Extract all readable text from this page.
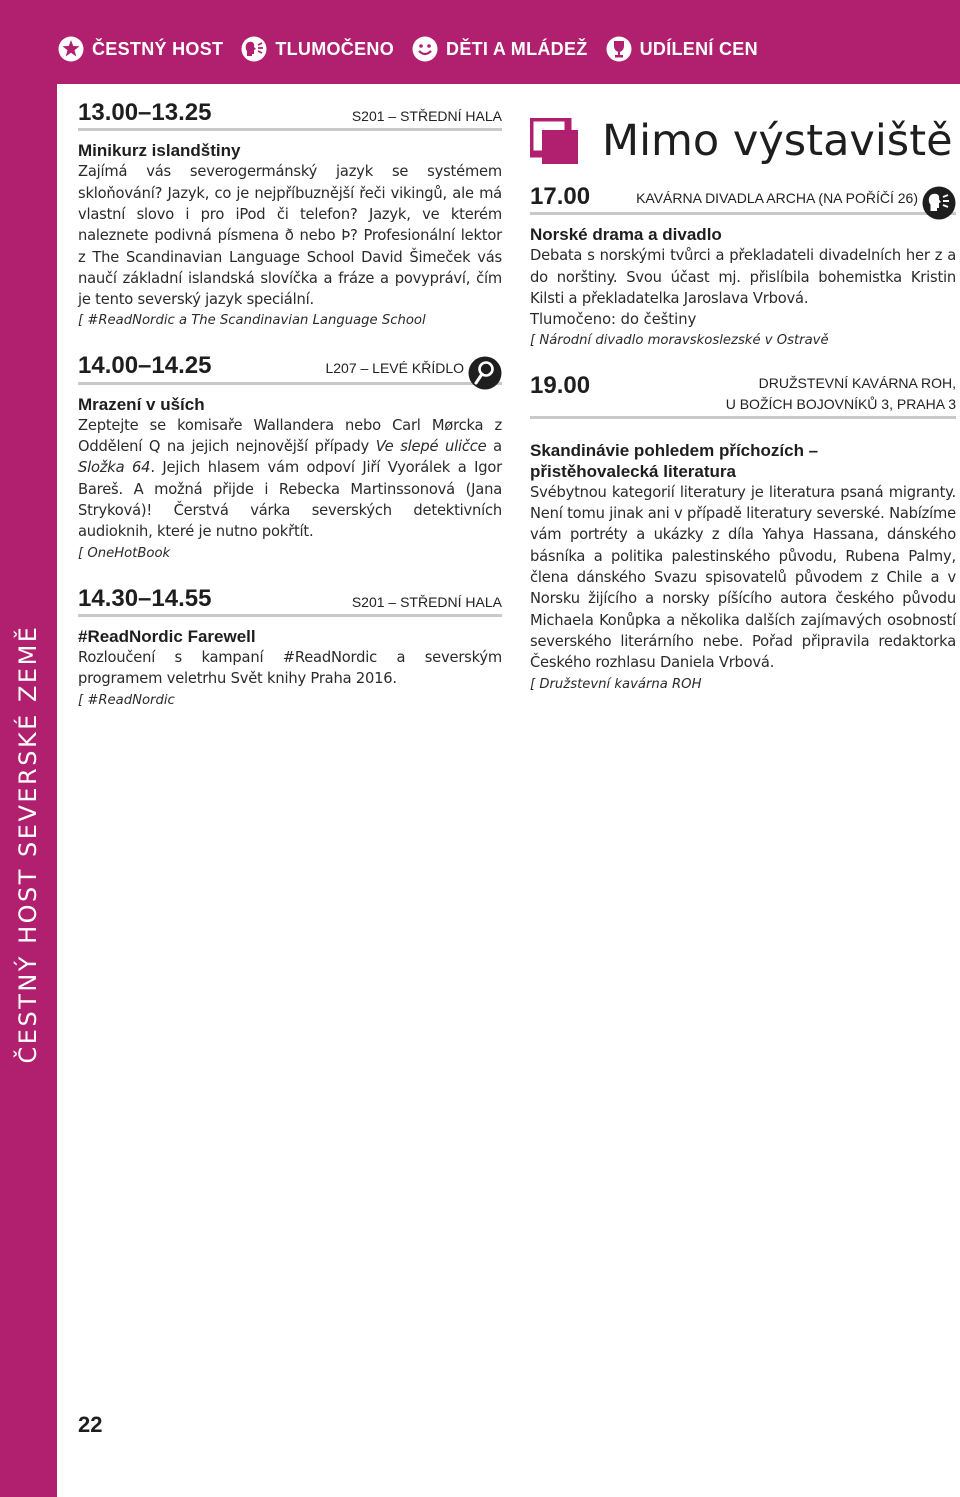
ČESTNÝ HOST	TLUMOČENO	DĚTI A MLÁDEŽ	UDÍLENÍ CEN
ČESTNÝ HOST SEVERSKÉ ZEMĚ
13.00–13.25	S201 – STŘEDNÍ HALA
Minikurz islandštiny

Zajímá vás severogermánský jazyk se systémem skloňování? Jazyk, co je nejpříbuznější řeči vikingů, ale má vlastní slovo i pro iPod či telefon? Jazyk, ve kterém naleznete podivná písmena ð nebo Þ? Profesionální lektor z The Scandinavian Language School David Šimeček vás naučí základní islandská slovíčka a fráze a povypráví, čím je tento severský jazyk speciální.

[ #ReadNordic a The Scandinavian Language School

14.00–14.25	L207 – LEVÉ KŘÍDLO
Mrazení v uších

Zeptejte se komisaře Wallandera nebo Carl Mørcka z Oddělení Q na jejich nejnovější případy Ve slepé uličce a Složka 64. Jejich hlasem vám odpoví Jiří Vyorálek a Igor Bareš. A možná přijde i Rebecka Martinssonová (Jana Stryková)! Čerstvá várka severských detektivních audioknih, které je nutno pokřtít.

[ OneHotBook

14.30–14.55	S201 – STŘEDNÍ HALA
#ReadNordic Farewell

Rozloučení s kampaní #ReadNordic a severským programem veletrhu Svět knihy Praha 2016.

[ #ReadNordic

Mimo výstaviště
17.00	KAVÁRNA DIVADLA ARCHA (NA POŘÍČÍ 26)
Norské drama a divadlo

Debata s norskými tvůrci a překladateli divadelních her z a do norštiny. Svou účast mj. přislíbila bohemistka Kristin Kilsti a překladatelka Jaroslava Vrbová.

Tlumočeno: do češtiny

[ Národní divadlo moravskoslezské v Ostravě

19.00	DRUŽSTEVNÍ KAVÁRNA ROH,
U BOŽÍCH BOJOVNÍKŮ 3, PRAHA 3
Skandinávie pohledem příchozích – přistěhovalecká literatura

Svébytnou kategorií literatury je literatura psaná migranty. Není tomu jinak ani v případě literatury severské. Nabízíme vám portréty a ukázky z díla Yahya Hassana, dánského básníka a politika palestinského původu, Rubena Palmy, člena dánského Svazu spisovatelů původem z Chile a v Norsku žijícího a norsky píšícího autora českého původu Michaela Konůpka a několika dalších zajímavých osobností severského literárního nebe. Pořad připravila redaktorka Českého rozhlasu Daniela Vrbová.

[ Družstevní kavárna ROH

22
